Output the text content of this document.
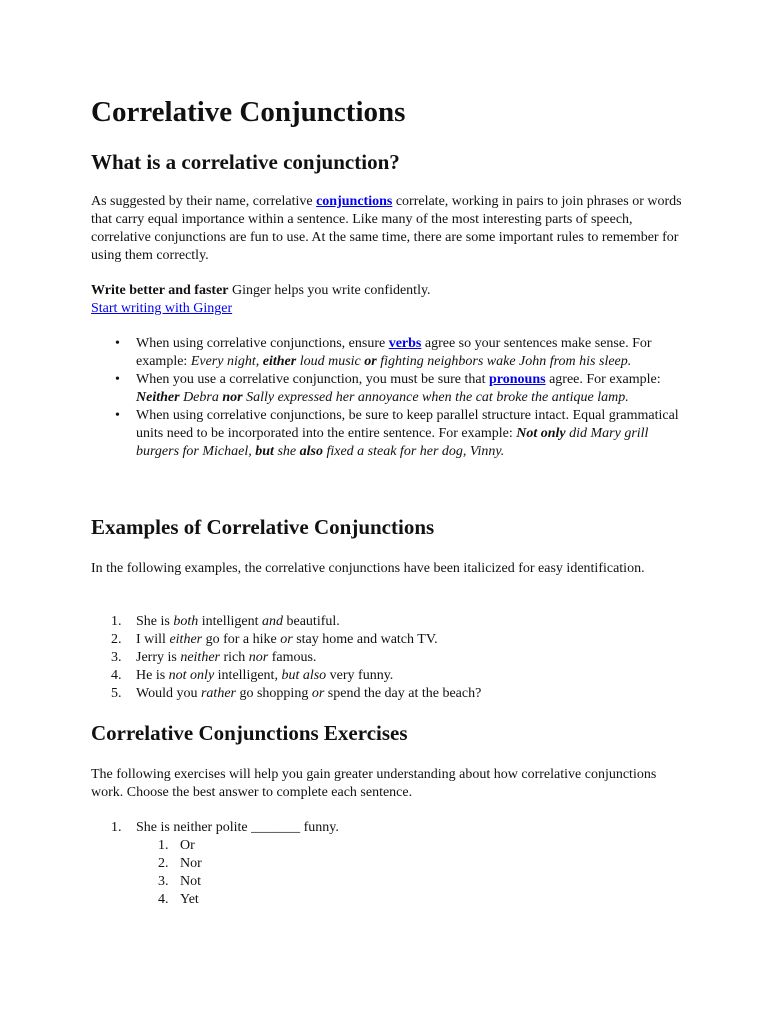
Correlative Conjunctions
What is a correlative conjunction?

As suggested by their name, correlative conjunctions correlate, working in pairs to join phrases or words that carry equal importance within a sentence. Like many of the most interesting parts of speech, correlative conjunctions are fun to use. At the same time, there are some important rules to remember for using them correctly.

Write better and faster Ginger helps you write confidently.
Start writing with Ginger

• When using correlative conjunctions, ensure verbs agree so your sentences make sense. For example: Every night, either loud music or fighting neighbors wake John from his sleep.
• When you use a correlative conjunction, you must be sure that pronouns agree. For example: Neither Debra nor Sally expressed her annoyance when the cat broke the antique lamp.
• When using correlative conjunctions, be sure to keep parallel structure intact. Equal grammatical units need to be incorporated into the entire sentence. For example: Not only did Mary grill burgers for Michael, but she also fixed a steak for her dog, Vinny.
Examples of Correlative Conjunctions

In the following examples, the correlative conjunctions have been italicized for easy identification.

1. She is both intelligent and beautiful.
2. I will either go for a hike or stay home and watch TV.
3. Jerry is neither rich nor famous.
4. He is not only intelligent, but also very funny.
5. Would you rather go shopping or spend the day at the beach?
Correlative Conjunctions Exercises

The following exercises will help you gain greater understanding about how correlative conjunctions work. Choose the best answer to complete each sentence.

1. She is neither polite _______ funny.
1. Or
2. Nor
3. Not
4. Yet
